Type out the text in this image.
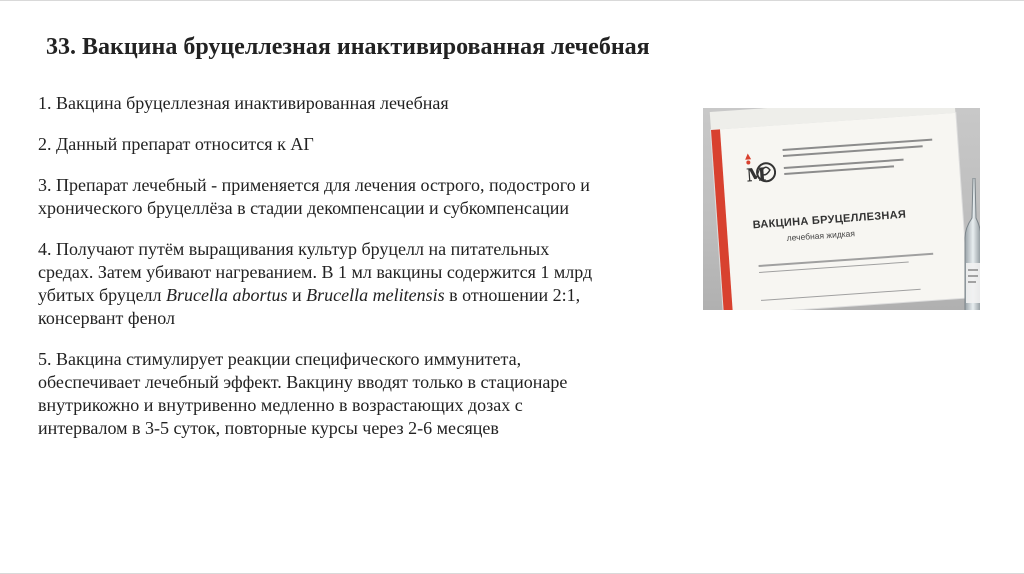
33. Вакцина бруцеллезная инактивированная лечебная

1. Вакцина бруцеллезная инактивированная лечебная

2. Данный препарат относится к АГ

3. Препарат лечебный - применяется для лечения острого, подострого и
хронического бруцеллёза в стадии декомпенсации и субкомпенсации

4. Получают путём выращивания культур бруцелл на питательных
средах. Затем убивают нагреванием. В 1 мл вакцины содержится 1 млрд
убитых бруцелл Brucella abortus и Brucella melitensis в отношении 2:1,
консервант фенол

5. Вакцина стимулирует реакции специфического иммунитета,
обеспечивает лечебный эффект. Вакцину вводят только в стационаре
внутрикожно и внутривенно медленно в возрастающих дозах с
интервалом в 3-5 суток, повторные курсы через 2-6 месяцев

M
ВАКЦИНА БРУЦЕЛЛЕЗНАЯ
лечебная жидкая
